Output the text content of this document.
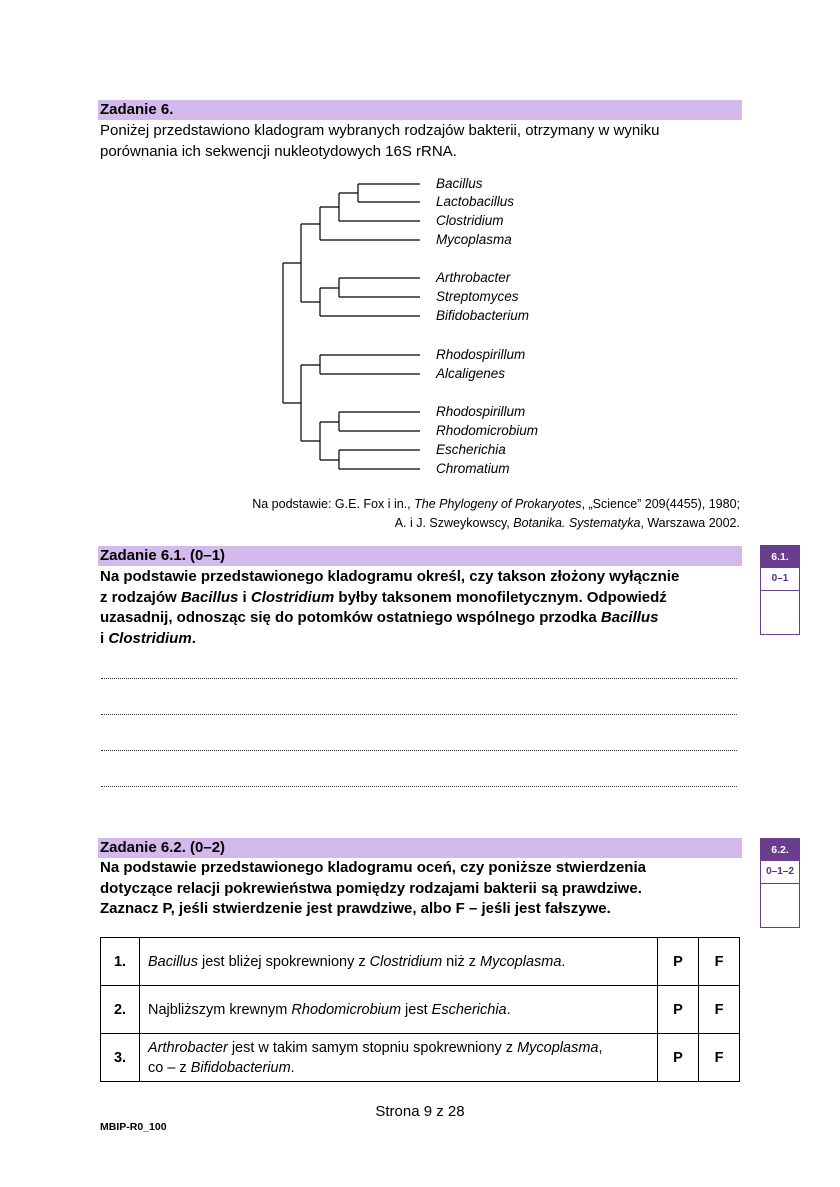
Zadanie 6.
Poniżej przedstawiono kladogram wybranych rodzajów bakterii, otrzymany w wyniku
porównania ich sekwencji nukleotydowych 16S rRNA.
Bacillus
Lactobacillus
Clostridium
Mycoplasma
Arthrobacter
Streptomyces
Bifidobacterium
Rhodospirillum
Alcaligenes
Rhodospirillum
Rhodomicrobium
Escherichia
Chromatium
Na podstawie: G.E. Fox i in., The Phylogeny of Prokaryotes, „Science” 209(4455), 1980;
A. i J. Szweykowscy, Botanika. Systematyka, Warszawa 2002.
Zadanie 6.1. (0–1)
Na podstawie przedstawionego kladogramu określ, czy takson złożony wyłącznie
z rodzajów Bacillus i Clostridium byłby taksonem monofiletycznym. Odpowiedź
uzasadnij, odnosząc się do potomków ostatniego wspólnego przodka Bacillus
i Clostridium.
6.1.
0–1
Zadanie 6.2. (0–2)
Na podstawie przedstawionego kladogramu oceń, czy poniższe stwierdzenia
dotyczące relacji pokrewieństwa pomiędzy rodzajami bakterii są prawdziwe.
Zaznacz P, jeśli stwierdzenie jest prawdziwe, albo F – jeśli jest fałszywe.
6.2.
0–1–2
1.	Bacillus jest bliżej spokrewniony z Clostridium niż z Mycoplasma.	P	F
2.	Najbliższym krewnym Rhodomicrobium jest Escherichia.	P	F
3.	Arthrobacter jest w takim samym stopniu spokrewniony z Mycoplasma,
co – z Bifidobacterium.	P	F
Strona 9 z 28
MBIP-R0_100
